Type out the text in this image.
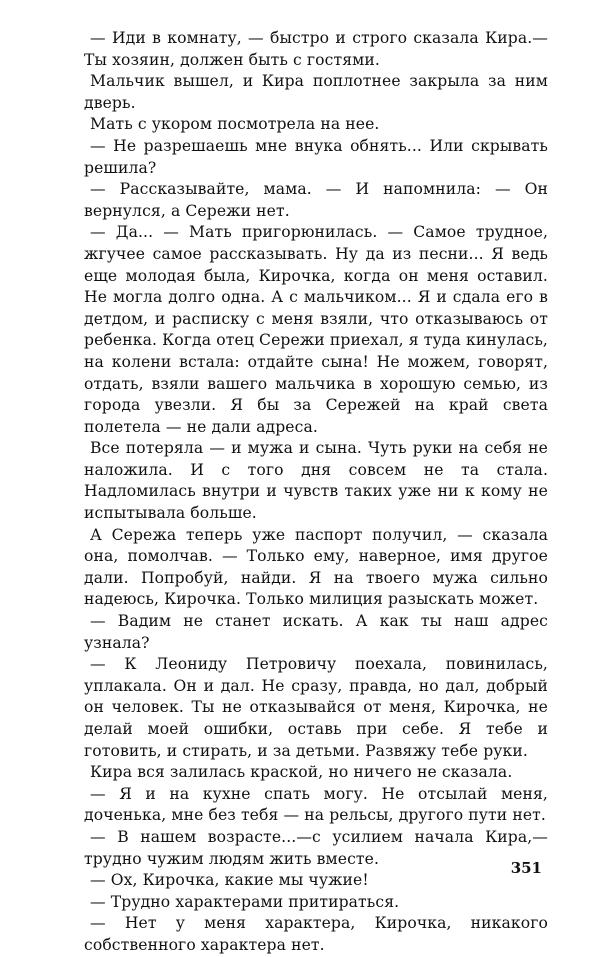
— Иди в комнату, — быстро и строго сказала Кира.— Ты хозяин, должен быть с гостями.

Мальчик вышел, и Кира поплотнее закрыла за ним дверь.

Мать с укором посмотрела на нее.

— Не разрешаешь мне внука обнять... Или скрывать решила?

— Рассказывайте, мама. — И напомнила: — Он вернулся, а Сережи нет.

— Да... — Мать пригорюнилась. — Самое трудное, жгучее самое рассказывать. Ну да из песни... Я ведь еще молодая была, Кирочка, когда он меня оставил. Не могла долго одна. А с мальчиком... Я и сдала его в детдом, и расписку с меня взяли, что отказываюсь от ребенка. Когда отец Сережи приехал, я туда кинулась, на колени встала: отдайте сына! Не можем, говорят, отдать, взяли вашего мальчика в хорошую семью, из города увезли. Я бы за Сережей на край света полетела — не дали адреса.

Все потеряла — и мужа и сына. Чуть руки на себя не наложила. И с того дня совсем не та стала. Надломилась внутри и чувств таких уже ни к кому не испытывала больше.

А Сережа теперь уже паспорт получил, — сказала она, помолчав. — Только ему, наверное, имя другое дали. Попробуй, найди. Я на твоего мужа сильно надеюсь, Кирочка. Только милиция разыскать может.

— Вадим не станет искать. А как ты наш адрес узнала?

— К Леониду Петровичу поехала, повинилась, уплакала. Он и дал. Не сразу, правда, но дал, добрый он человек. Ты не отказывайся от меня, Кирочка, не делай моей ошибки, оставь при себе. Я тебе и готовить, и стирать, и за детьми. Развяжу тебе руки.

Кира вся залилась краской, но ничего не сказала.

— Я и на кухне спать могу. Не отсылай меня, доченька, мне без тебя — на рельсы, другого пути нет.

— В нашем возрасте...—с усилием начала Кира,— трудно чужим людям жить вместе.

— Ох, Кирочка, какие мы чужие!

— Трудно характерами притираться.

— Нет у меня характера, Кирочка, никакого собственного характера нет.

351
